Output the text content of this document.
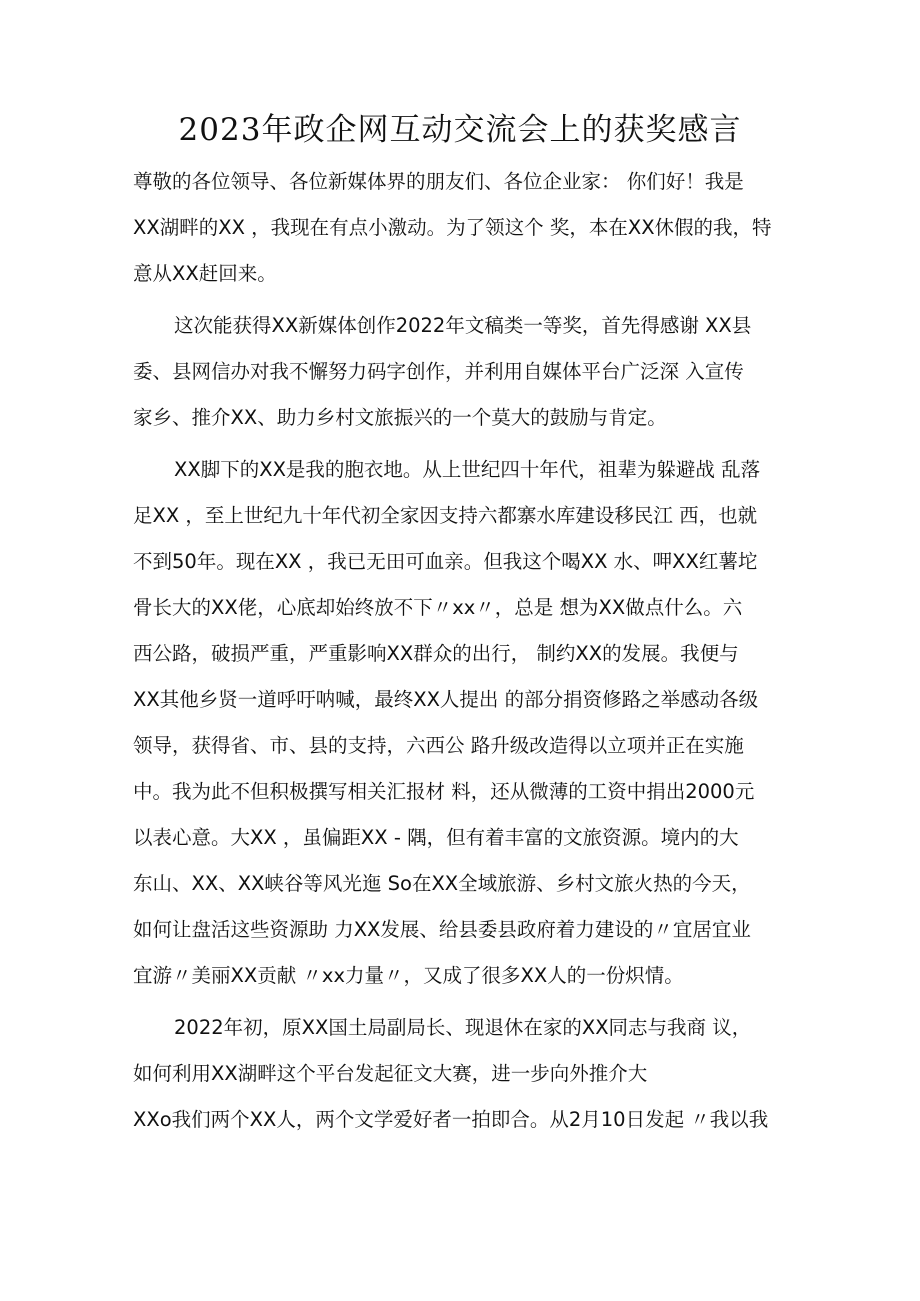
2023年政企网互动交流会上的获奖感言
尊敬的各位领导、各位新媒体界的朋友们、各位企业家： 你们好！我是
XX湖畔的XX ，我现在有点小激动。为了领这个 奖，本在XX休假的我，特
意从XX赶回来。
这次能获得XX新媒体创作2022年文稿类一等奖，首先得感谢 XX县
委、县网信办对我不懈努力码字创作，并利用自媒体平台广泛深 入宣传
家乡、推介XX、助力乡村文旅振兴的一个莫大的鼓励与肯定。
XX脚下的XX是我的胞衣地。从上世纪四十年代，祖辈为躲避战 乱落
足XX ，至上世纪九十年代初全家因支持六都寨水库建设移民江 西，也就
不到50年。现在XX ，我已无田可血亲。但我这个喝XX 水、呷XX红薯坨
骨长大的XX佬，心底却始终放不下〃xx〃，总是 想为XX做点什么。六
西公路，破损严重，严重影响XX群众的出行， 制约XX的发展。我便与
XX其他乡贤一道呼吁呐喊，最终XX人提出 的部分捐资修路之举感动各级
领导，获得省、市、县的支持，六西公 路升级改造得以立项并正在实施
中。我为此不但积极撰写相关汇报材 料，还从微薄的工资中捐出2000元
以表心意。大XX ，虽偏距XX - 隅，但有着丰富的文旅资源。境内的大
东山、XX、XX峡谷等风光迤 So在XX全域旅游、乡村文旅火热的今天，
如何让盘活这些资源助 力XX发展、给县委县政府着力建设的〃宜居宜业
宜游〃美丽XX贡献 〃xx力量〃，又成了很多XX人的一份炽情。
2022年初，原XX国土局副局长、现退休在家的XX同志与我商 议，
如何利用XX湖畔这个平台发起征文大赛，进一步向外推介大
XXo我们两个XX人，两个文学爱好者一拍即合。从2月10日发起 〃我以我
